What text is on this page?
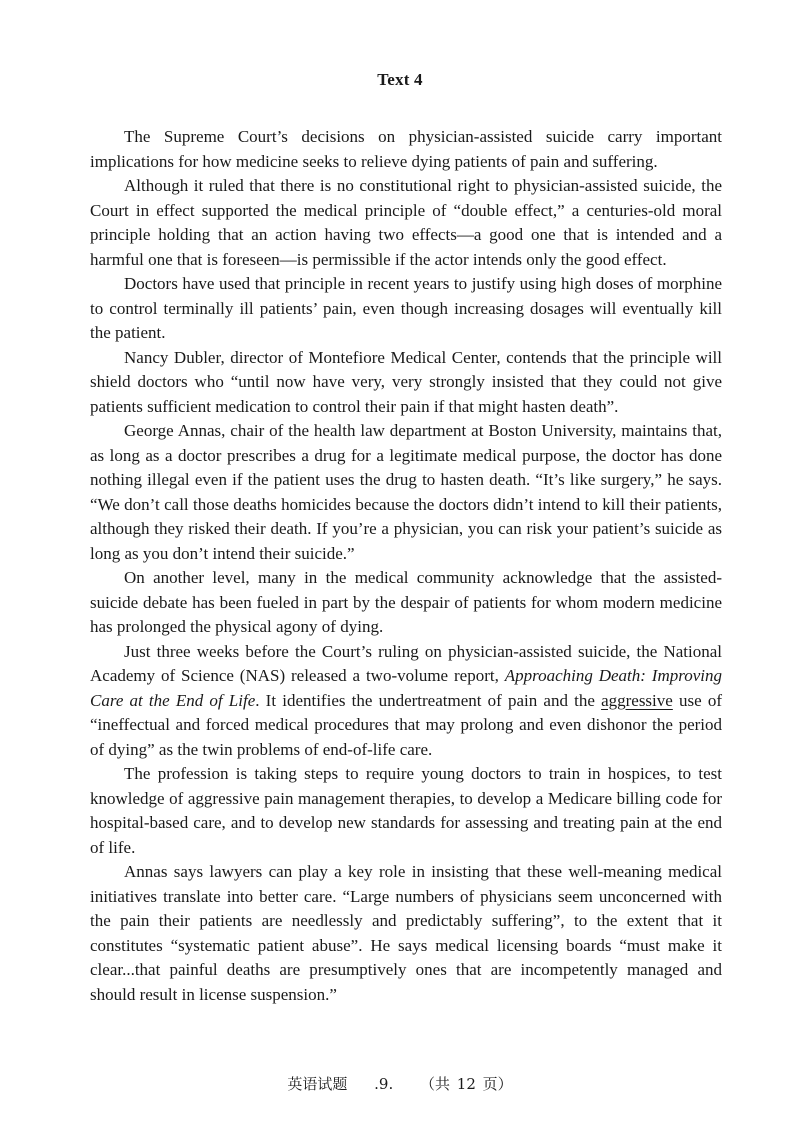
Text 4

The Supreme Court’s decisions on physician-assisted suicide carry important implications for how medicine seeks to relieve dying patients of pain and suffering.

Although it ruled that there is no constitutional right to physician-assisted suicide, the Court in effect supported the medical principle of “double effect,” a centuries-old moral principle holding that an action having two effects—a good one that is intended and a harmful one that is foreseen—is permissible if the actor intends only the good effect.

Doctors have used that principle in recent years to justify using high doses of morphine to control terminally ill patients’ pain, even though increasing dosages will eventually kill the patient.

Nancy Dubler, director of Montefiore Medical Center, contends that the principle will shield doctors who “until now have very, very strongly insisted that they could not give patients sufficient medication to control their pain if that might hasten death”.

George Annas, chair of the health law department at Boston University, maintains that, as long as a doctor prescribes a drug for a legitimate medical purpose, the doctor has done nothing illegal even if the patient uses the drug to hasten death. “It’s like surgery,” he says. “We don’t call those deaths homicides because the doctors didn’t intend to kill their patients, although they risked their death. If you’re a physician, you can risk your patient’s suicide as long as you don’t intend their suicide.”

On another level, many in the medical community acknowledge that the assisted-suicide debate has been fueled in part by the despair of patients for whom modern medicine has prolonged the physical agony of dying.

Just three weeks before the Court’s ruling on physician-assisted suicide, the National Academy of Science (NAS) released a two-volume report, Approaching Death: Improving Care at the End of Life. It identifies the undertreatment of pain and the aggressive use of “ineffectual and forced medical procedures that may prolong and even dishonor the period of dying” as the twin problems of end-of-life care.

The profession is taking steps to require young doctors to train in hospices, to test knowledge of aggressive pain management therapies, to develop a Medicare billing code for hospital-based care, and to develop new standards for assessing and treating pain at the end of life.

Annas says lawyers can play a key role in insisting that these well-meaning medical initiatives translate into better care. “Large numbers of physicians seem unconcerned with the pain their patients are needlessly and predictably suffering”, to the extent that it constitutes “systematic patient abuse”. He says medical licensing boards “must make it clear...that painful deaths are presumptively ones that are incompetently managed and should result in license suspension.”

英语试题 .9. （共 12 页）
